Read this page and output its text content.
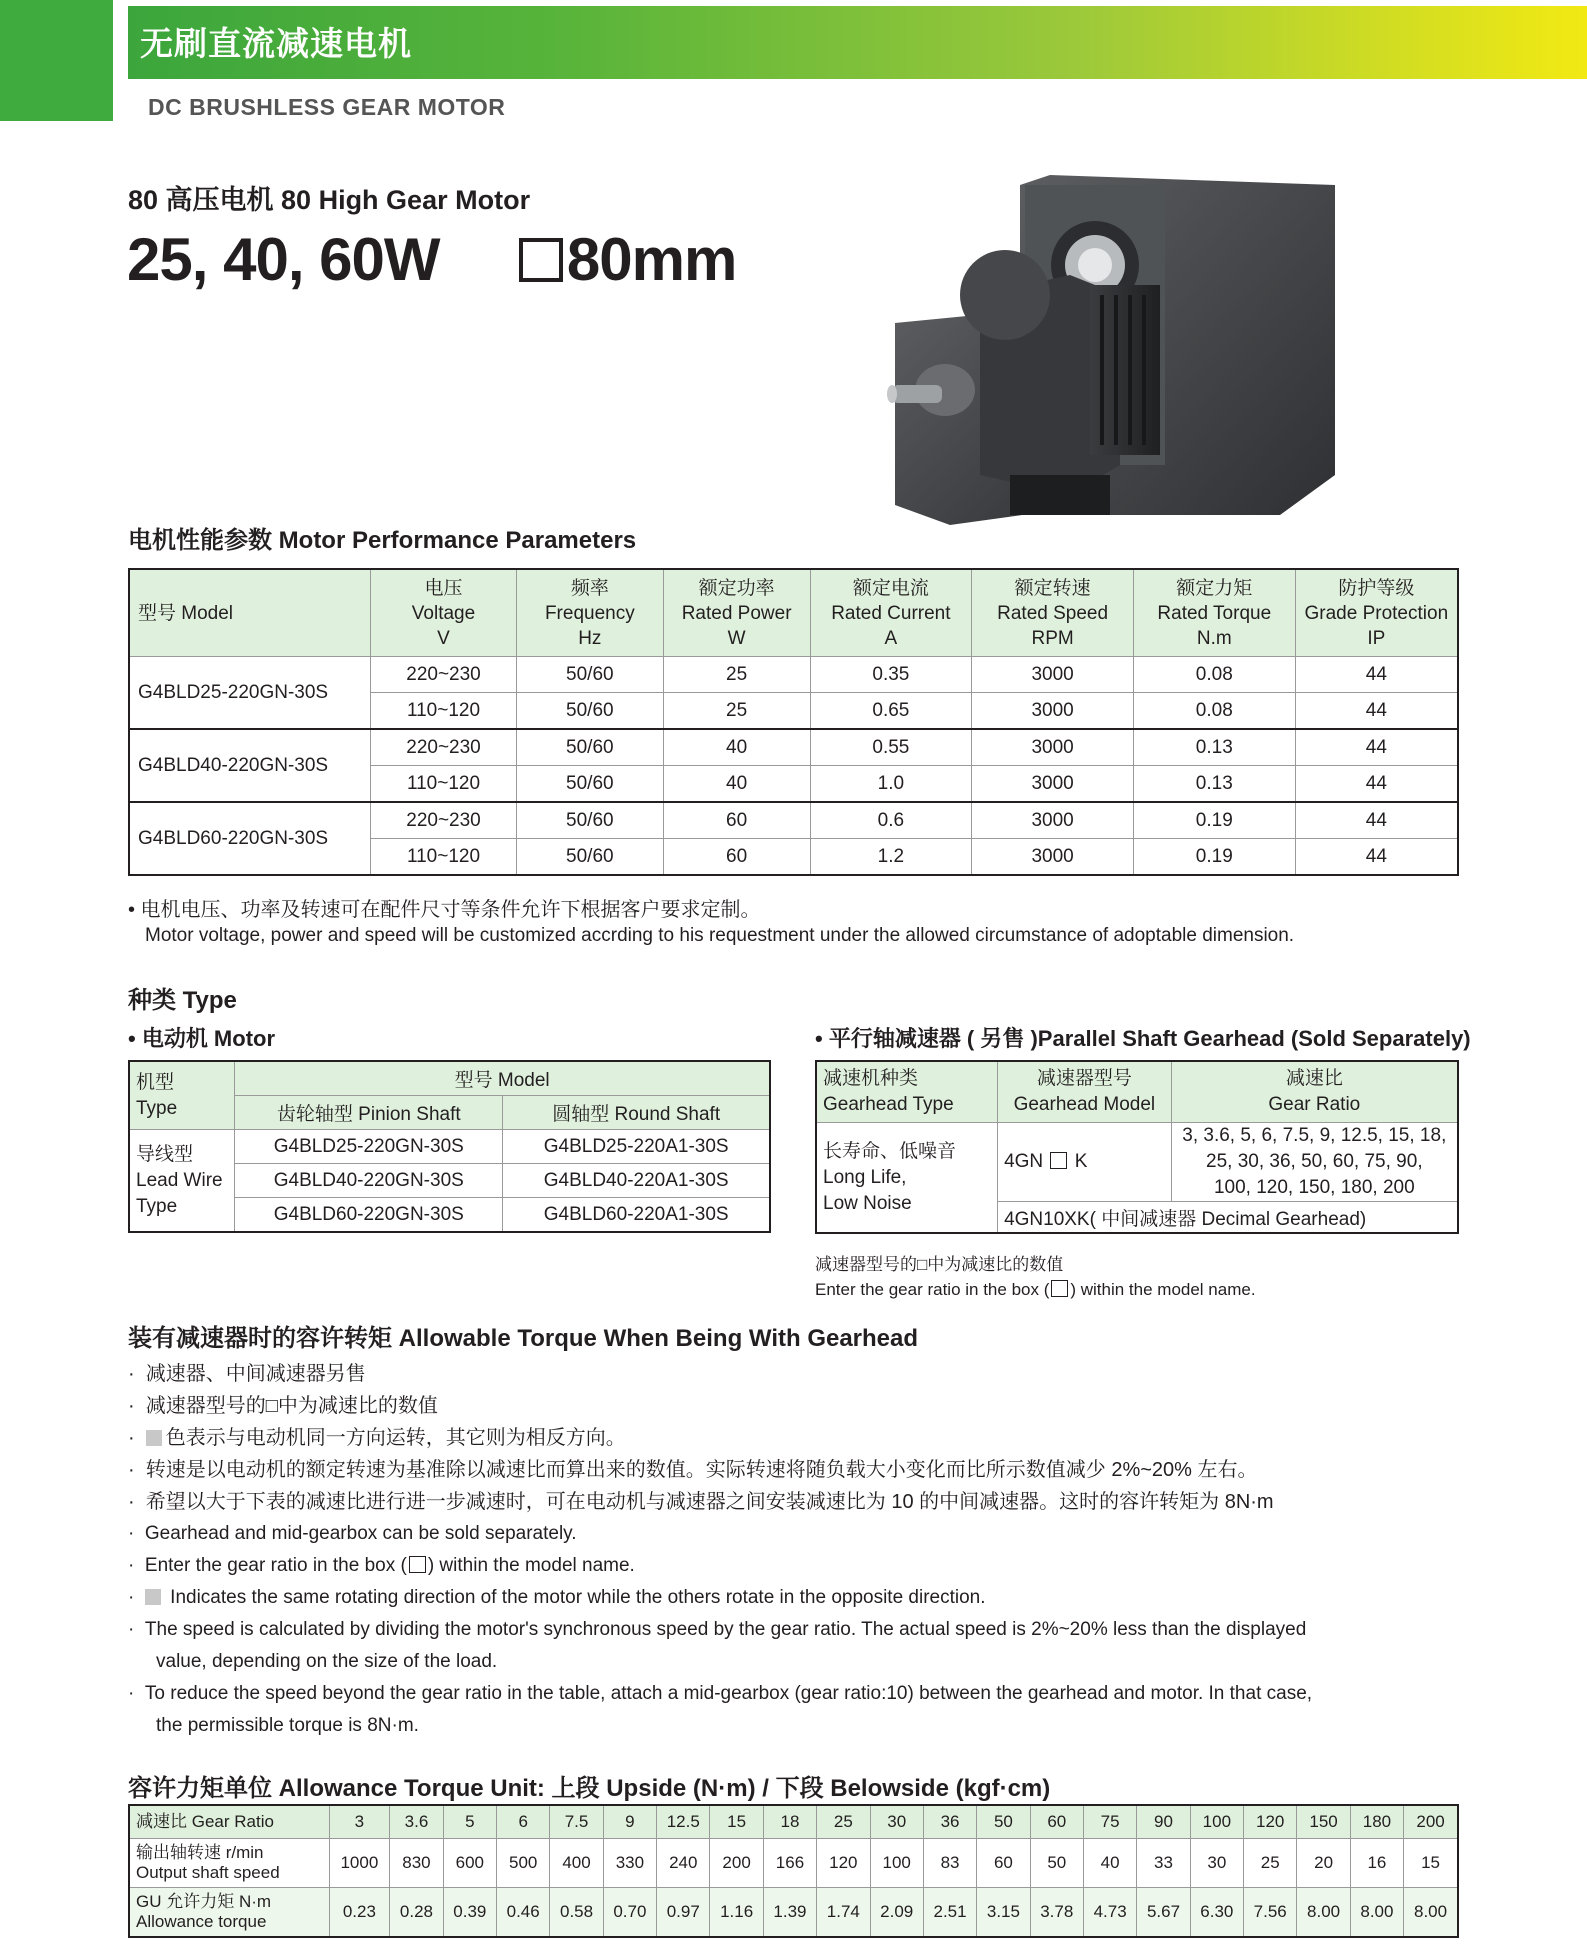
无刷直流减速电机
DC BRUSHLESS GEAR MOTOR
80 高压电机 80 High Gear Motor
25, 40, 60W 80mm
电机性能参数 Motor Performance Parameters
型号 Model	电压
Voltage
V	频率
Frequency
Hz	额定功率
Rated Power
W	额定电流
Rated Current
A	额定转速
Rated Speed
RPM	额定力矩
Rated Torque
N.m	防护等级
Grade Protection
IP
G4BLD25-220GN-30S	220~230	50/60	25	0.35	3000	0.08	44
	110~120	50/60	25	0.65	3000	0.08	44
G4BLD40-220GN-30S	220~230	50/60	40	0.55	3000	0.13	44
	110~120	50/60	40	1.0	3000	0.13	44
G4BLD60-220GN-30S	220~230	50/60	60	0.6	3000	0.19	44
	110~120	50/60	60	1.2	3000	0.19	44
• 电机电压、功率及转速可在配件尺寸等条件允许下根据客户要求定制。
Motor voltage, power and speed will be customized accrding to his requestment under the allowed circumstance of adoptable dimension.
种类 Type
• 电动机 Motor	• 平行轴减速器 ( 另售 )Parallel Shaft Gearhead (Sold Separately)
机型
Type	型号 Model	
	齿轮轴型 Pinion Shaft	圆轴型 Round Shaft
导线型
Lead Wire
Type	G4BLD25-220GN-30S	G4BLD25-220A1-30S
	G4BLD40-220GN-30S	G4BLD40-220A1-30S
	G4BLD60-220GN-30S	G4BLD60-220A1-30S
减速机种类
Gearhead Type	减速器型号
Gearhead Model	减速比
Gear Ratio
长寿命、低噪音
Long Life,
Low Noise	4GN K	3, 3.6, 5, 6, 7.5, 9, 12.5, 15, 18,
25, 30, 36, 50, 60, 75, 90,
100, 120, 150, 180, 200
	4GN10XK( 中间减速器 Decimal Gearhead)	
减速器型号的□中为减速比的数值
Enter the gear ratio in the box ( ) within the model name.
装有减速器时的容许转矩 Allowable Torque When Being With Gearhead
·  减速器、中间减速器另售
·  减速器型号的□中为减速比的数值
·  色表示与电动机同一方向运转，其它则为相反方向。
·  转速是以电动机的额定转速为基准除以减速比而算出来的数值。实际转速将随负载大小变化而比所示数值减少 2%~20% 左右。
·  希望以大于下表的减速比进行进一步减速时，可在电动机与减速器之间安装减速比为 10 的中间减速器。这时的容许转矩为 8N·m
·  Gearhead and mid-gearbox can be sold separately.
·  Enter the gear ratio in the box ( ) within the model name.
·   Indicates the same rotating direction of the motor while the others rotate in the opposite direction.
·  The speed is calculated by dividing the motor's synchronous speed by the gear ratio. The actual speed is 2%~20% less than the displayed
value, depending on the size of the load.
·  To reduce the speed beyond the gear ratio in the table, attach a mid-gearbox (gear ratio:10) between the gearhead and motor. In that case,
the permissible torque is 8N·m.
容许力矩单位 Allowance Torque Unit: 上段 Upside (N·m) / 下段 Belowside (kgf·cm)
减速比 Gear Ratio	3	3.6	5	6	7.5	9	12.5	15	18	25	30	36	50	60	75	90	100	120	150	180	200
输出轴转速 r/min
Output shaft speed	1000	830	600	500	400	330	240	200	166	120	100	83	60	50	40	33	30	25	20	16	15
GU 允许力矩 N·m
Allowance torque	0.23	0.28	0.39	0.46	0.58	0.70	0.97	1.16	1.39	1.74	2.09	2.51	3.15	3.78	4.73	5.67	6.30	7.56	8.00	8.00	8.00
